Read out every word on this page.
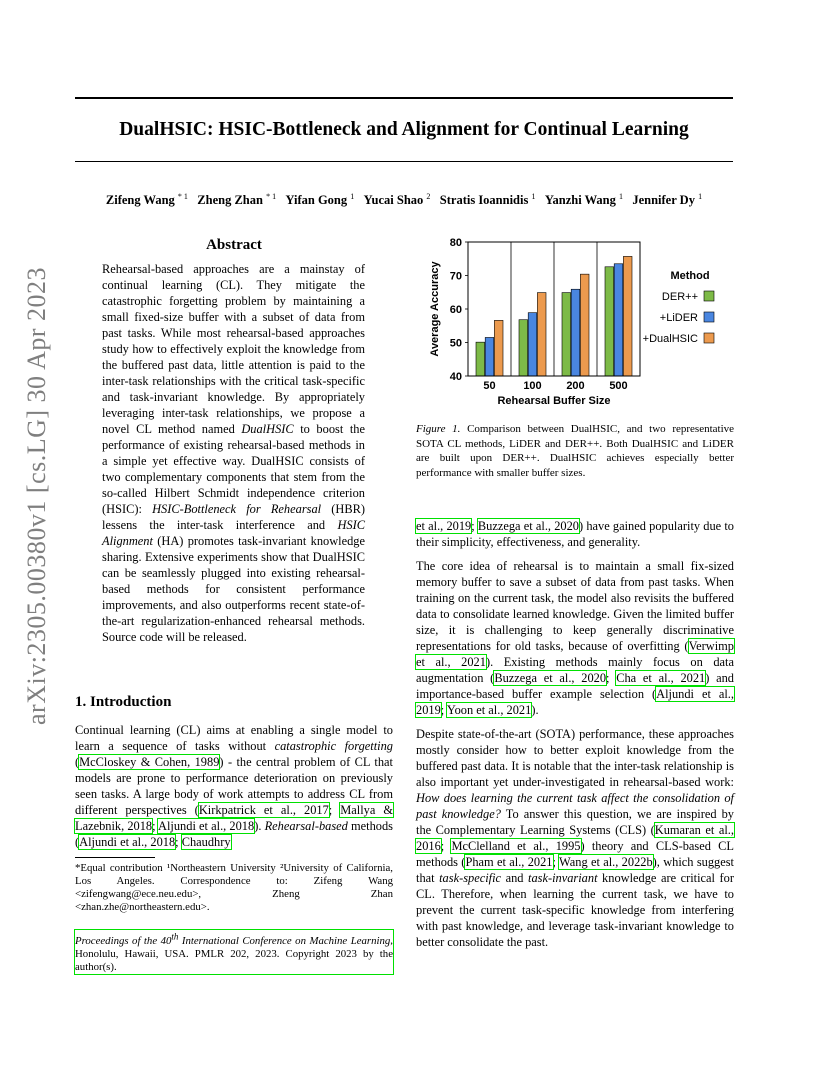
DualHSIC: HSIC-Bottleneck and Alignment for Continual Learning
Zifeng Wang $^{* 1}$ Zheng Zhan $^{* 1}$ Yifan Gong $^1$ Yucai Shao $^2$ Stratis Ioannidis $^1$ Yanzhi Wang $^1$ Jennifer Dy $^1$
arXiv:2305.00380v1 [cs.LG] 30 Apr 2023
Abstract
Rehearsal-based approaches are a mainstay of continual learning (CL). They mitigate the catastrophic forgetting problem by maintaining a small fixed-size buffer with a subset of data from past tasks. While most rehearsal-based approaches study how to effectively exploit the knowledge from the buffered past data, little attention is paid to the inter-task relationships with the critical task-specific and task-invariant knowledge. By appropriately leveraging inter-task relationships, we propose a novel CL method named DualHSIC to boost the performance of existing rehearsal-based methods in a simple yet effective way. DualHSIC consists of two complementary components that stem from the so-called Hilbert Schmidt independence criterion (HSIC): HSIC-Bottleneck for Rehearsal (HBR) lessens the inter-task interference and HSIC Alignment (HA) promotes task-invariant knowledge sharing. Extensive experiments show that DualHSIC can be seamlessly plugged into existing rehearsal-based methods for consistent performance improvements, and also outperforms recent state-of-the-art regularization-enhanced rehearsal methods. Source code will be released.
1. Introduction
Continual learning (CL) aims at enabling a single model to learn a sequence of tasks without catastrophic forgetting (McCloskey & Cohen, 1989) - the central problem of CL that models are prone to performance deterioration on previously seen tasks. A large body of work attempts to address CL from different perspectives (Kirkpatrick et al., 2017; Mallya & Lazebnik, 2018; Aljundi et al., 2018). Rehearsal-based methods (Aljundi et al., 2018; Chaudhry
*Equal contribution ¹Northeastern University ²University of California, Los Angeles. Correspondence to: Zifeng Wang <zifengwang@ece.neu.edu>, Zheng Zhan <zhan.zhe@northeastern.edu>.
Proceedings of the 40th International Conference on Machine Learning, Honolulu, Hawaii, USA. PMLR 202, 2023. Copyright 2023 by the author(s).
50	100 200 500
40
50
60
70
80
Rehearsal Buffer Size
Average Accuracy	Method
DER++
+LiDER
+DualHSIC
Figure 1. Comparison between DualHSIC, and two representative SOTA CL methods, LiDER and DER++. Both DualHSIC and LiDER are built upon DER++. DualHSIC achieves especially better performance with smaller buffer sizes.

et al., 2019; Buzzega et al., 2020) have gained popularity due to their simplicity, effectiveness, and generality.

The core idea of rehearsal is to maintain a small fix-sized memory buffer to save a subset of data from past tasks. When training on the current task, the model also revisits the buffered data to consolidate learned knowledge. Given the limited buffer size, it is challenging to keep generally discriminative representations for old tasks, because of overfitting (Verwimp et al., 2021). Existing methods mainly focus on data augmentation (Buzzega et al., 2020; Cha et al., 2021) and importance-based buffer example selection (Aljundi et al., 2019; Yoon et al., 2021).

Despite state-of-the-art (SOTA) performance, these approaches mostly consider how to better exploit knowledge from the buffered past data. It is notable that the inter-task relationship is also important yet under-investigated in rehearsal-based work: How does learning the current task affect the consolidation of past knowledge? To answer this question, we are inspired by the Complementary Learning Systems (CLS) (Kumaran et al., 2016; McClelland et al., 1995) theory and CLS-based CL methods (Pham et al., 2021; Wang et al., 2022b), which suggest that task-specific and task-invariant knowledge are critical for CL. Therefore, when learning the current task, we have to prevent the current task-specific knowledge from interfering with past knowledge, and leverage task-invariant knowledge to better consolidate the past.
